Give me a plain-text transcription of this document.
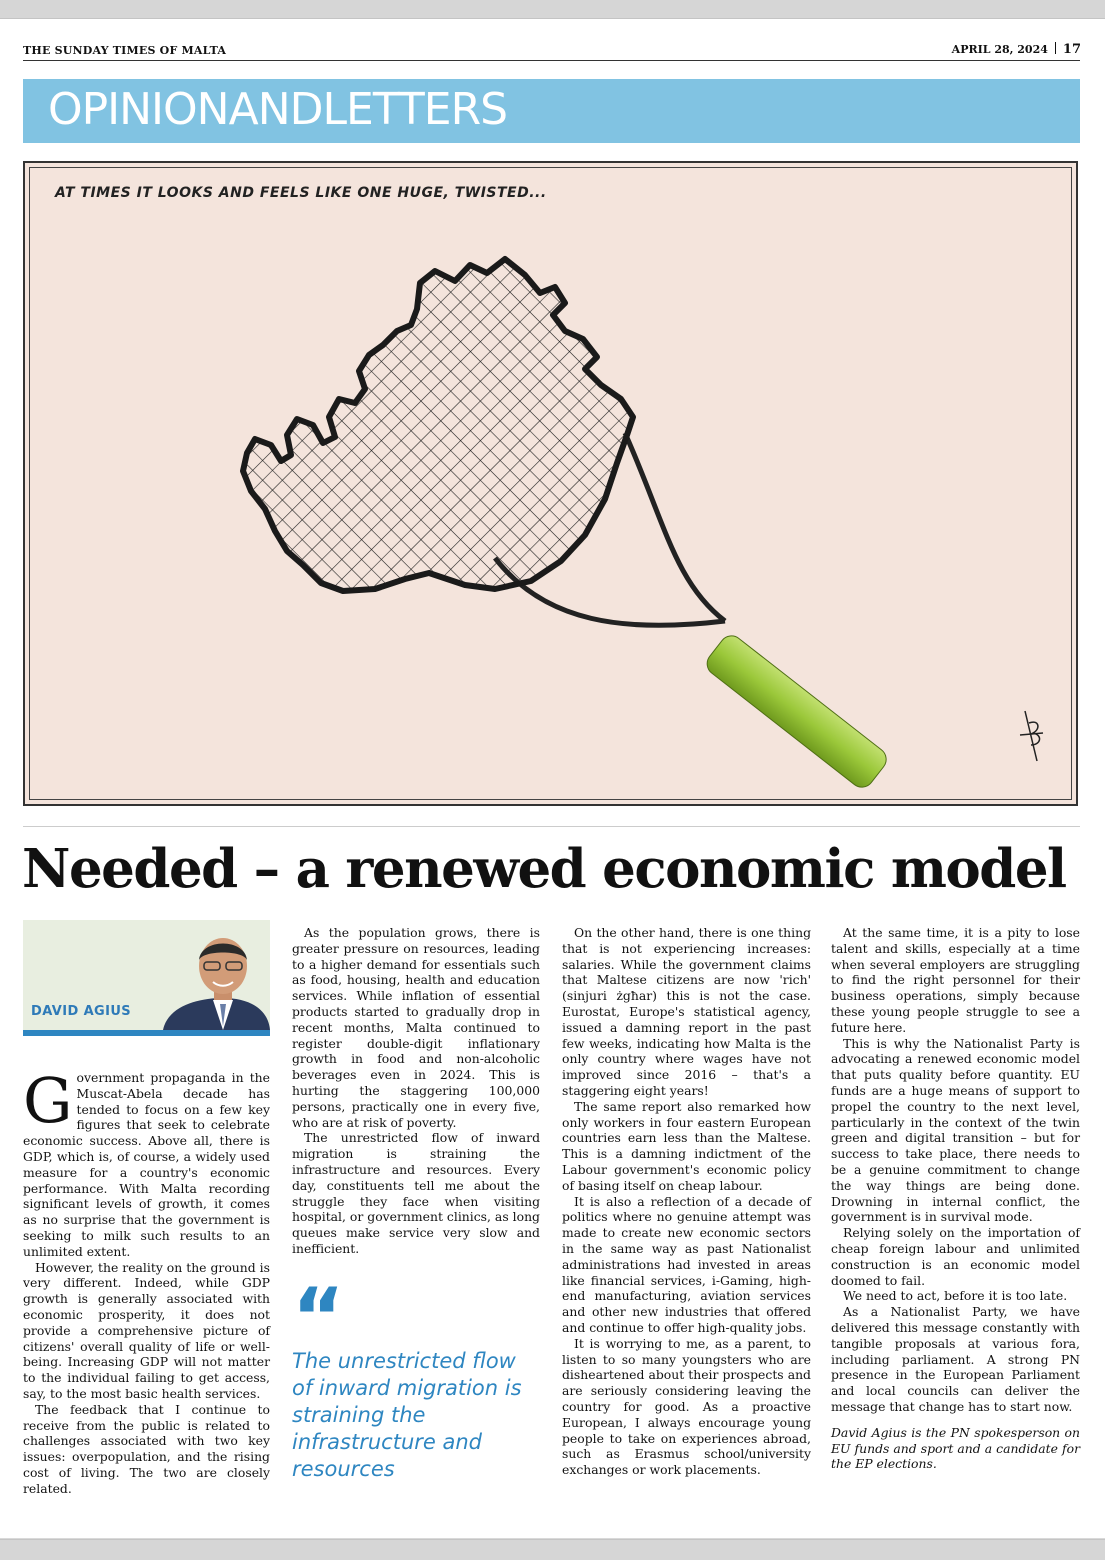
THE SUNDAY TIMES OF MALTA	APRIL 28, 2024 17
OPINIONANDLETTERS
AT TIMES IT LOOKS AND FEELS LIKE ONE HUGE, TWISTED...
Needed – a renewed economic model
DAVID AGIUS

Government propaganda in the Muscat-Abela decade has tended to focus on a few key figures that seek to celebrate economic success. Above all, there is GDP, which is, of course, a widely used measure for a country's economic performance. With Malta recording significant levels of growth, it comes as no surprise that the government is seeking to milk such results to an unlimited extent.

However, the reality on the ground is very different. Indeed, while GDP growth is generally associated with economic prosperity, it does not provide a comprehensive picture of citizens' overall quality of life or well-being. Increasing GDP will not matter to the individual failing to get access, say, to the most basic health services.

The feedback that I continue to receive from the public is related to challenges associated with two key issues: overpopulation, and the rising cost of living. The two are closely related.

As the population grows, there is greater pressure on resources, leading to a higher demand for essentials such as food, housing, health and education services. While inflation of essential products started to gradually drop in recent months, Malta continued to register double-digit inflationary growth in food and non-alcoholic beverages even in 2024. This is hurting the staggering 100,000 persons, practically one in every five, who are at risk of poverty.

The unrestricted flow of inward migration is straining the infrastructure and resources. Every day, constituents tell me about the struggle they face when visiting hospital, or government clinics, as long queues make service very slow and inefficient.

“
The unrestricted flow of inward migration is straining the infrastructure and resources

On the other hand, there is one thing that is not experiencing increases: salaries. While the government claims that Maltese citizens are now 'rich' (sinjuri żgħar) this is not the case. Eurostat, Europe's statistical agency, issued a damning report in the past few weeks, indicating how Malta is the only country where wages have not improved since 2016 – that's a staggering eight years!

The same report also remarked how only workers in four eastern European countries earn less than the Maltese. This is a damning indictment of the Labour government's economic policy of basing itself on cheap labour.

It is also a reflection of a decade of politics where no genuine attempt was made to create new economic sectors in the same way as past Nationalist administrations had invested in areas like financial services, i-Gaming, high-end manufacturing, aviation services and other new industries that offered and continue to offer high-quality jobs.

It is worrying to me, as a parent, to listen to so many youngsters who are disheartened about their prospects and are seriously considering leaving the country for good. As a proactive European, I always encourage young people to take on experiences abroad, such as Erasmus school/university exchanges or work placements.

At the same time, it is a pity to lose talent and skills, especially at a time when several employers are struggling to find the right personnel for their business operations, simply because these young people struggle to see a future here.

This is why the Nationalist Party is advocating a renewed economic model that puts quality before quantity. EU funds are a huge means of support to propel the country to the next level, particularly in the context of the twin green and digital transition – but for success to take place, there needs to be a genuine commitment to change the way things are being done. Drowning in internal conflict, the government is in survival mode.

Relying solely on the importation of cheap foreign labour and unlimited construction is an economic model doomed to fail.

We need to act, before it is too late.

As a Nationalist Party, we have delivered this message constantly with tangible proposals at various fora, including parliament. A strong PN presence in the European Parliament and local councils can deliver the message that change has to start now.

David Agius is the PN spokesperson on EU funds and sport and a candidate for the EP elections.
